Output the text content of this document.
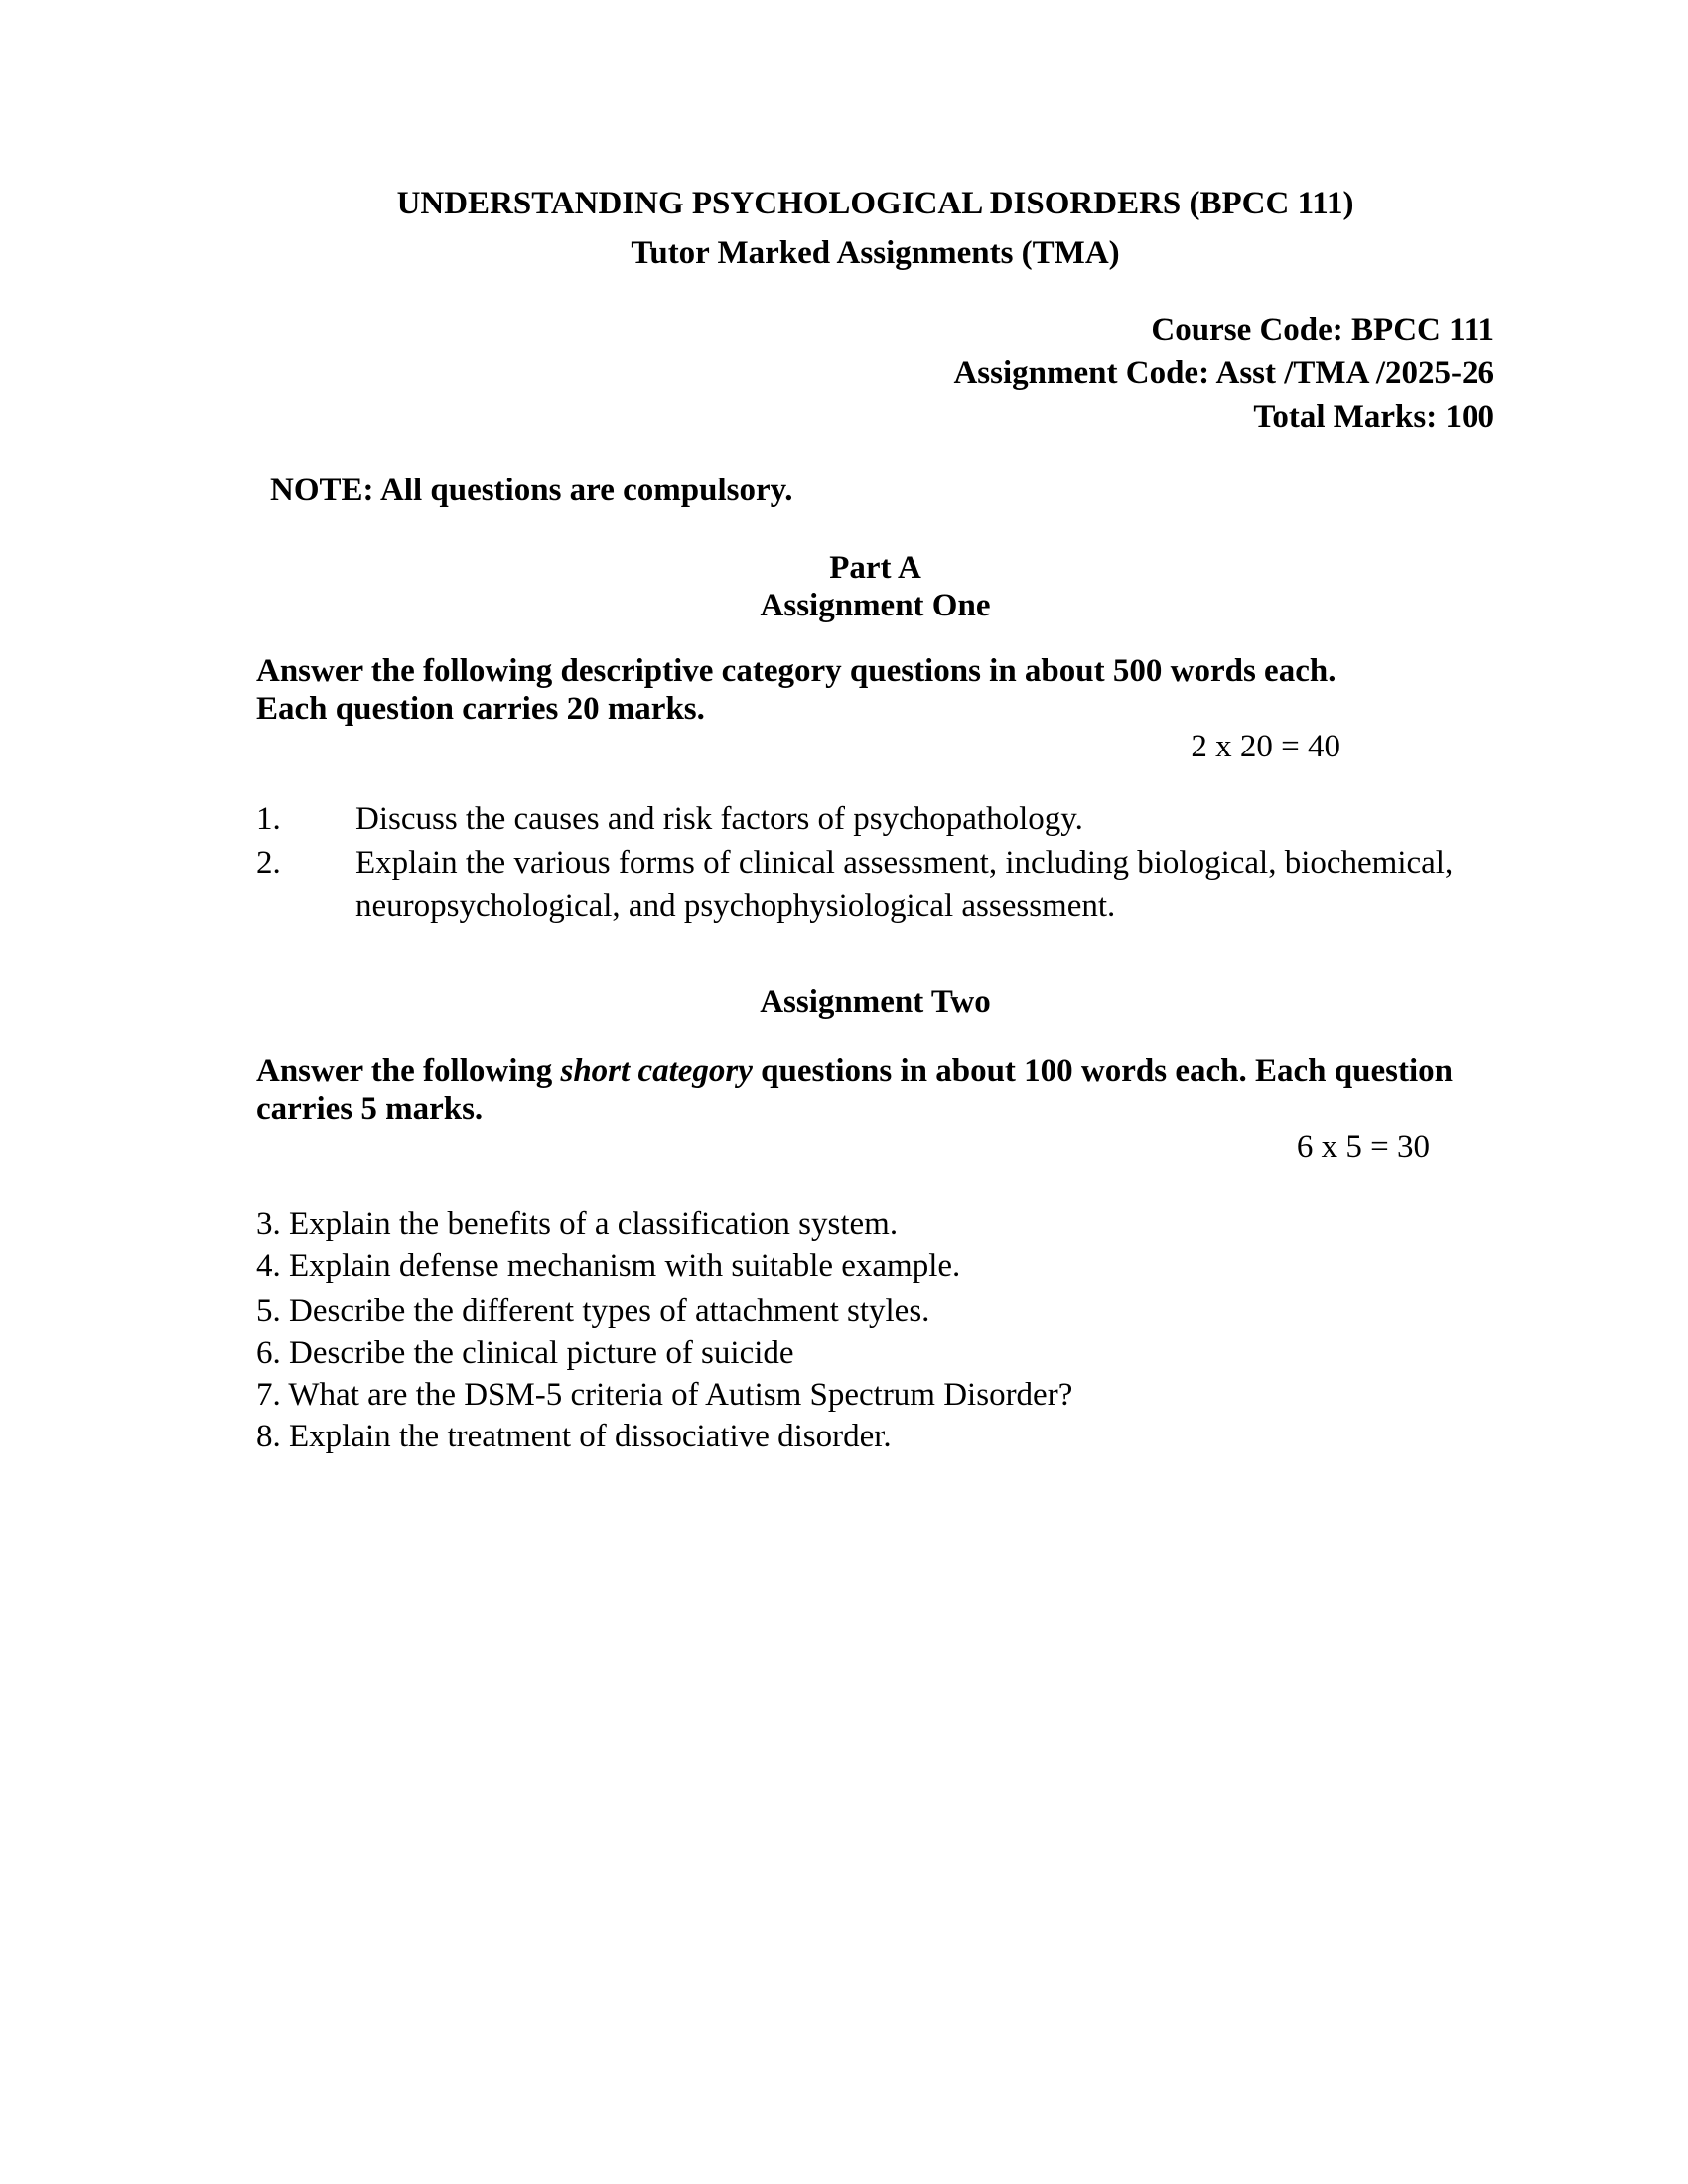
UNDERSTANDING PSYCHOLOGICAL DISORDERS (BPCC 111)
Tutor Marked Assignments (TMA)
Course Code: BPCC 111
Assignment Code: Asst /TMA /2025-26
Total Marks: 100
NOTE: All questions are compulsory.
Part A
Assignment One
Answer the following descriptive category questions in about 500 words each.
Each question carries 20 marks.
2 x 20 = 40
1.	Discuss the causes and risk factors of psychopathology.
2.	Explain the various forms of clinical assessment, including biological, biochemical, neuropsychological, and psychophysiological assessment.
Assignment Two
Answer the following short category questions in about 100 words each. Each question carries 5 marks.
6 x 5 = 30
3. Explain the benefits of a classification system.
4. Explain defense mechanism with suitable example.
5. Describe the different types of attachment styles.
6. Describe the clinical picture of suicide
7. What are the DSM-5 criteria of Autism Spectrum Disorder?
8. Explain the treatment of dissociative disorder.
